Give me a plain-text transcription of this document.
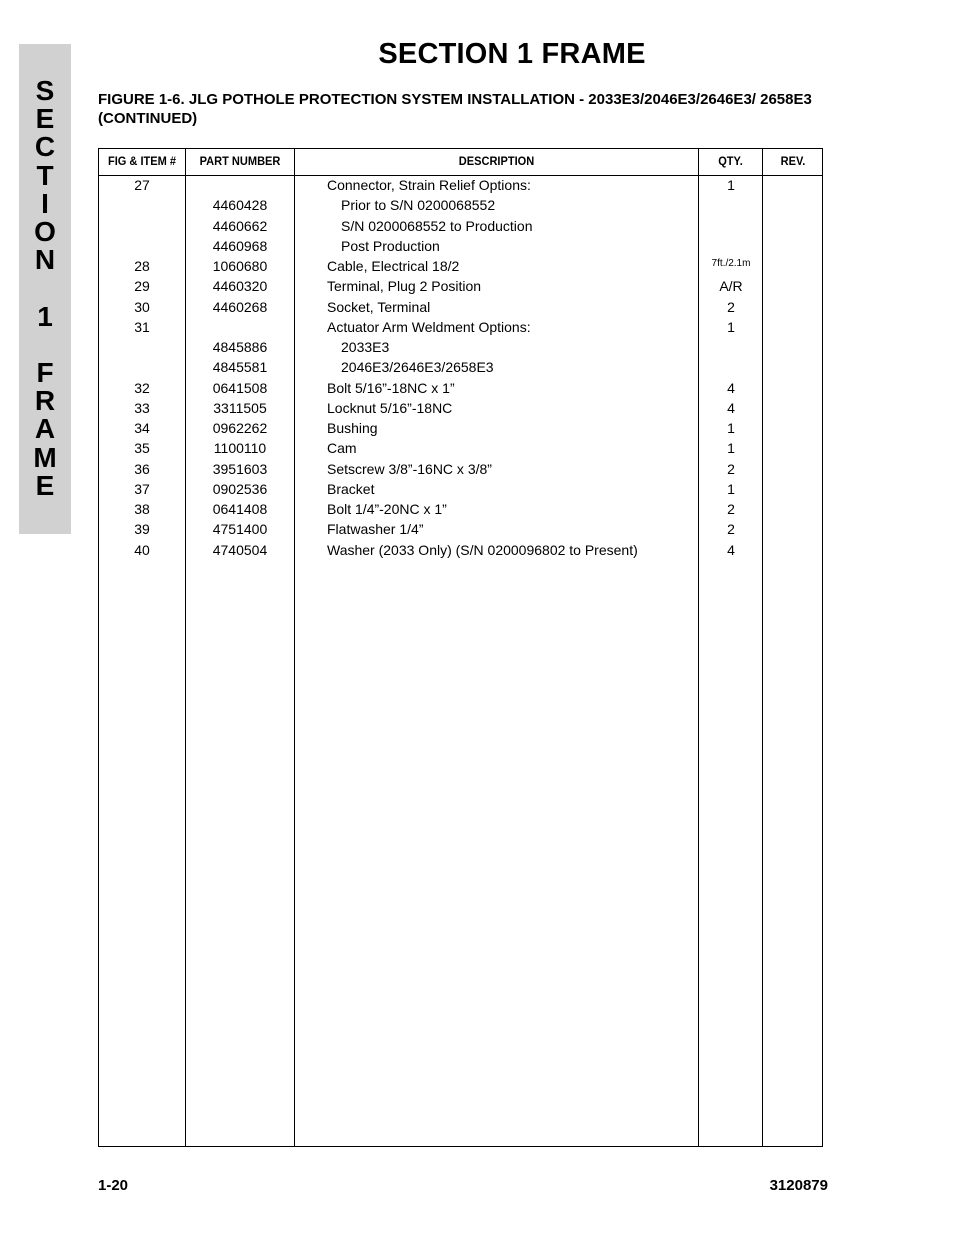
S
E
C
T
I
O
N
1
F
R
A
M
E
SECTION 1 FRAME
FIGURE 1-6. JLG POTHOLE PROTECTION SYSTEM INSTALLATION - 2033E3/2046E3/2646E3/ 2658E3 (CONTINUED)
FIG & ITEM #	PART NUMBER	DESCRIPTION	QTY.	REV.
27	Connector, Strain Relief Options:	1
4460428	Prior to S/N 0200068552
4460662	S/N 0200068552 to Production
4460968	Post Production
28	1060680	Cable, Electrical 18/2	7ft./2.1m
29	4460320	Terminal, Plug 2 Position	A/R
30	4460268	Socket, Terminal	2
31	Actuator Arm Weldment Options:	1
4845886	2033E3
4845581	2046E3/2646E3/2658E3
32	0641508	Bolt 5/16”-18NC x 1”	4
33	3311505	Locknut 5/16”-18NC	4
34	0962262	Bushing	1
35	1100110	Cam	1
36	3951603	Setscrew 3/8”-16NC x 3/8”	2
37	0902536	Bracket	1
38	0641408	Bolt 1/4”-20NC x 1”	2
39	4751400	Flatwasher 1/4”	2
40	4740504	Washer (2033 Only) (S/N 0200096802 to Present)	4
1-20	3120879
